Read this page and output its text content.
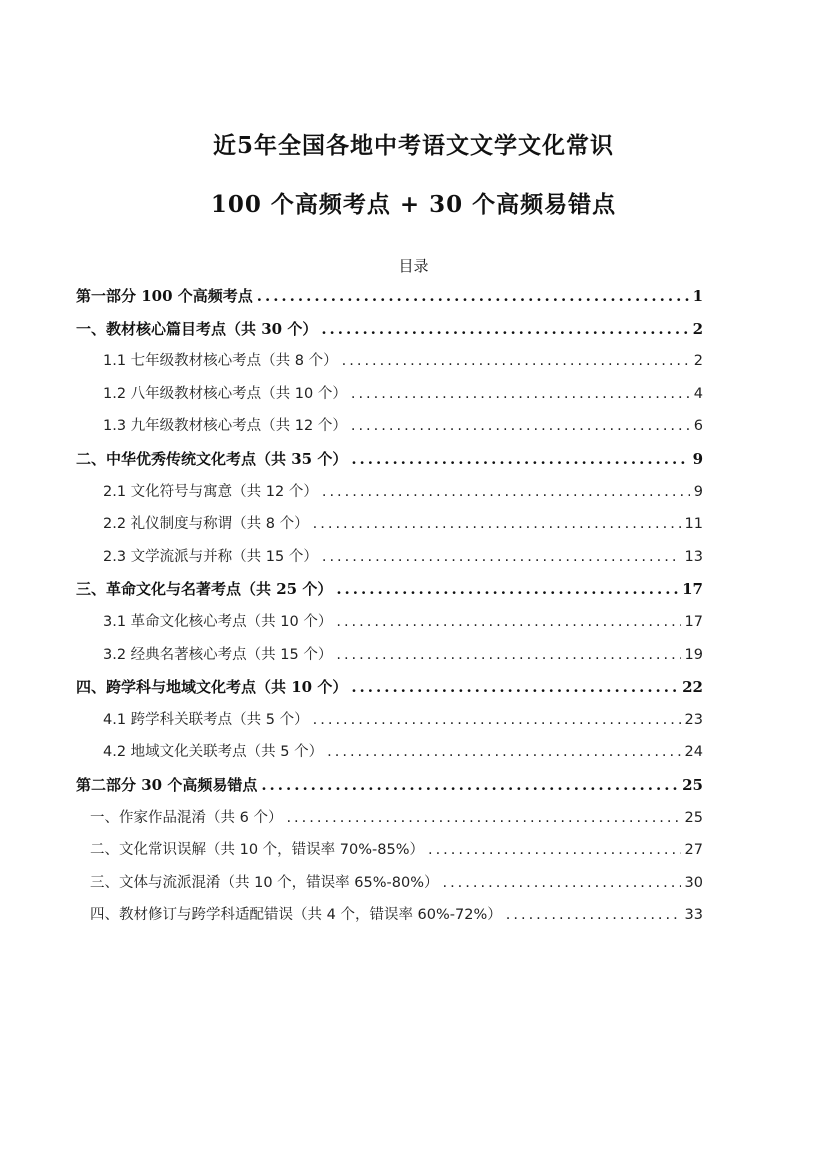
近5年全国各地中考语文文学文化常识
100 个高频考点 + 30 个高频易错点
目录
第一部分 100 个高频考点 .....	1
一、教材核心篇目考点（共 30 个） .....	2
1.1 七年级教材核心考点（共 8 个） .....	2
1.2 八年级教材核心考点（共 10 个） .....	4
1.3 九年级教材核心考点（共 12 个） .....	6
二、中华优秀传统文化考点（共 35 个） .....	9
2.1 文化符号与寓意（共 12 个） .....	9
2.2 礼仪制度与称谓（共 8 个） .....	11
2.3 文学流派与并称（共 15 个） .....	13
三、革命文化与名著考点（共 25 个） .....	17
3.1 革命文化核心考点（共 10 个） .....	17
3.2 经典名著核心考点（共 15 个） .....	19
四、跨学科与地域文化考点（共 10 个） .....	22
4.1 跨学科关联考点（共 5 个） .....	23
4.2 地域文化关联考点（共 5 个） .....	24
第二部分 30 个高频易错点 .....	25
一、作家作品混淆（共 6 个） .....	25
二、文化常识误解（共 10 个，错误率 70%-85%） .....	27
三、文体与流派混淆（共 10 个，错误率 65%-80%） .....	30
四、教材修订与跨学科适配错误（共 4 个，错误率 60%-72%） .....	33
